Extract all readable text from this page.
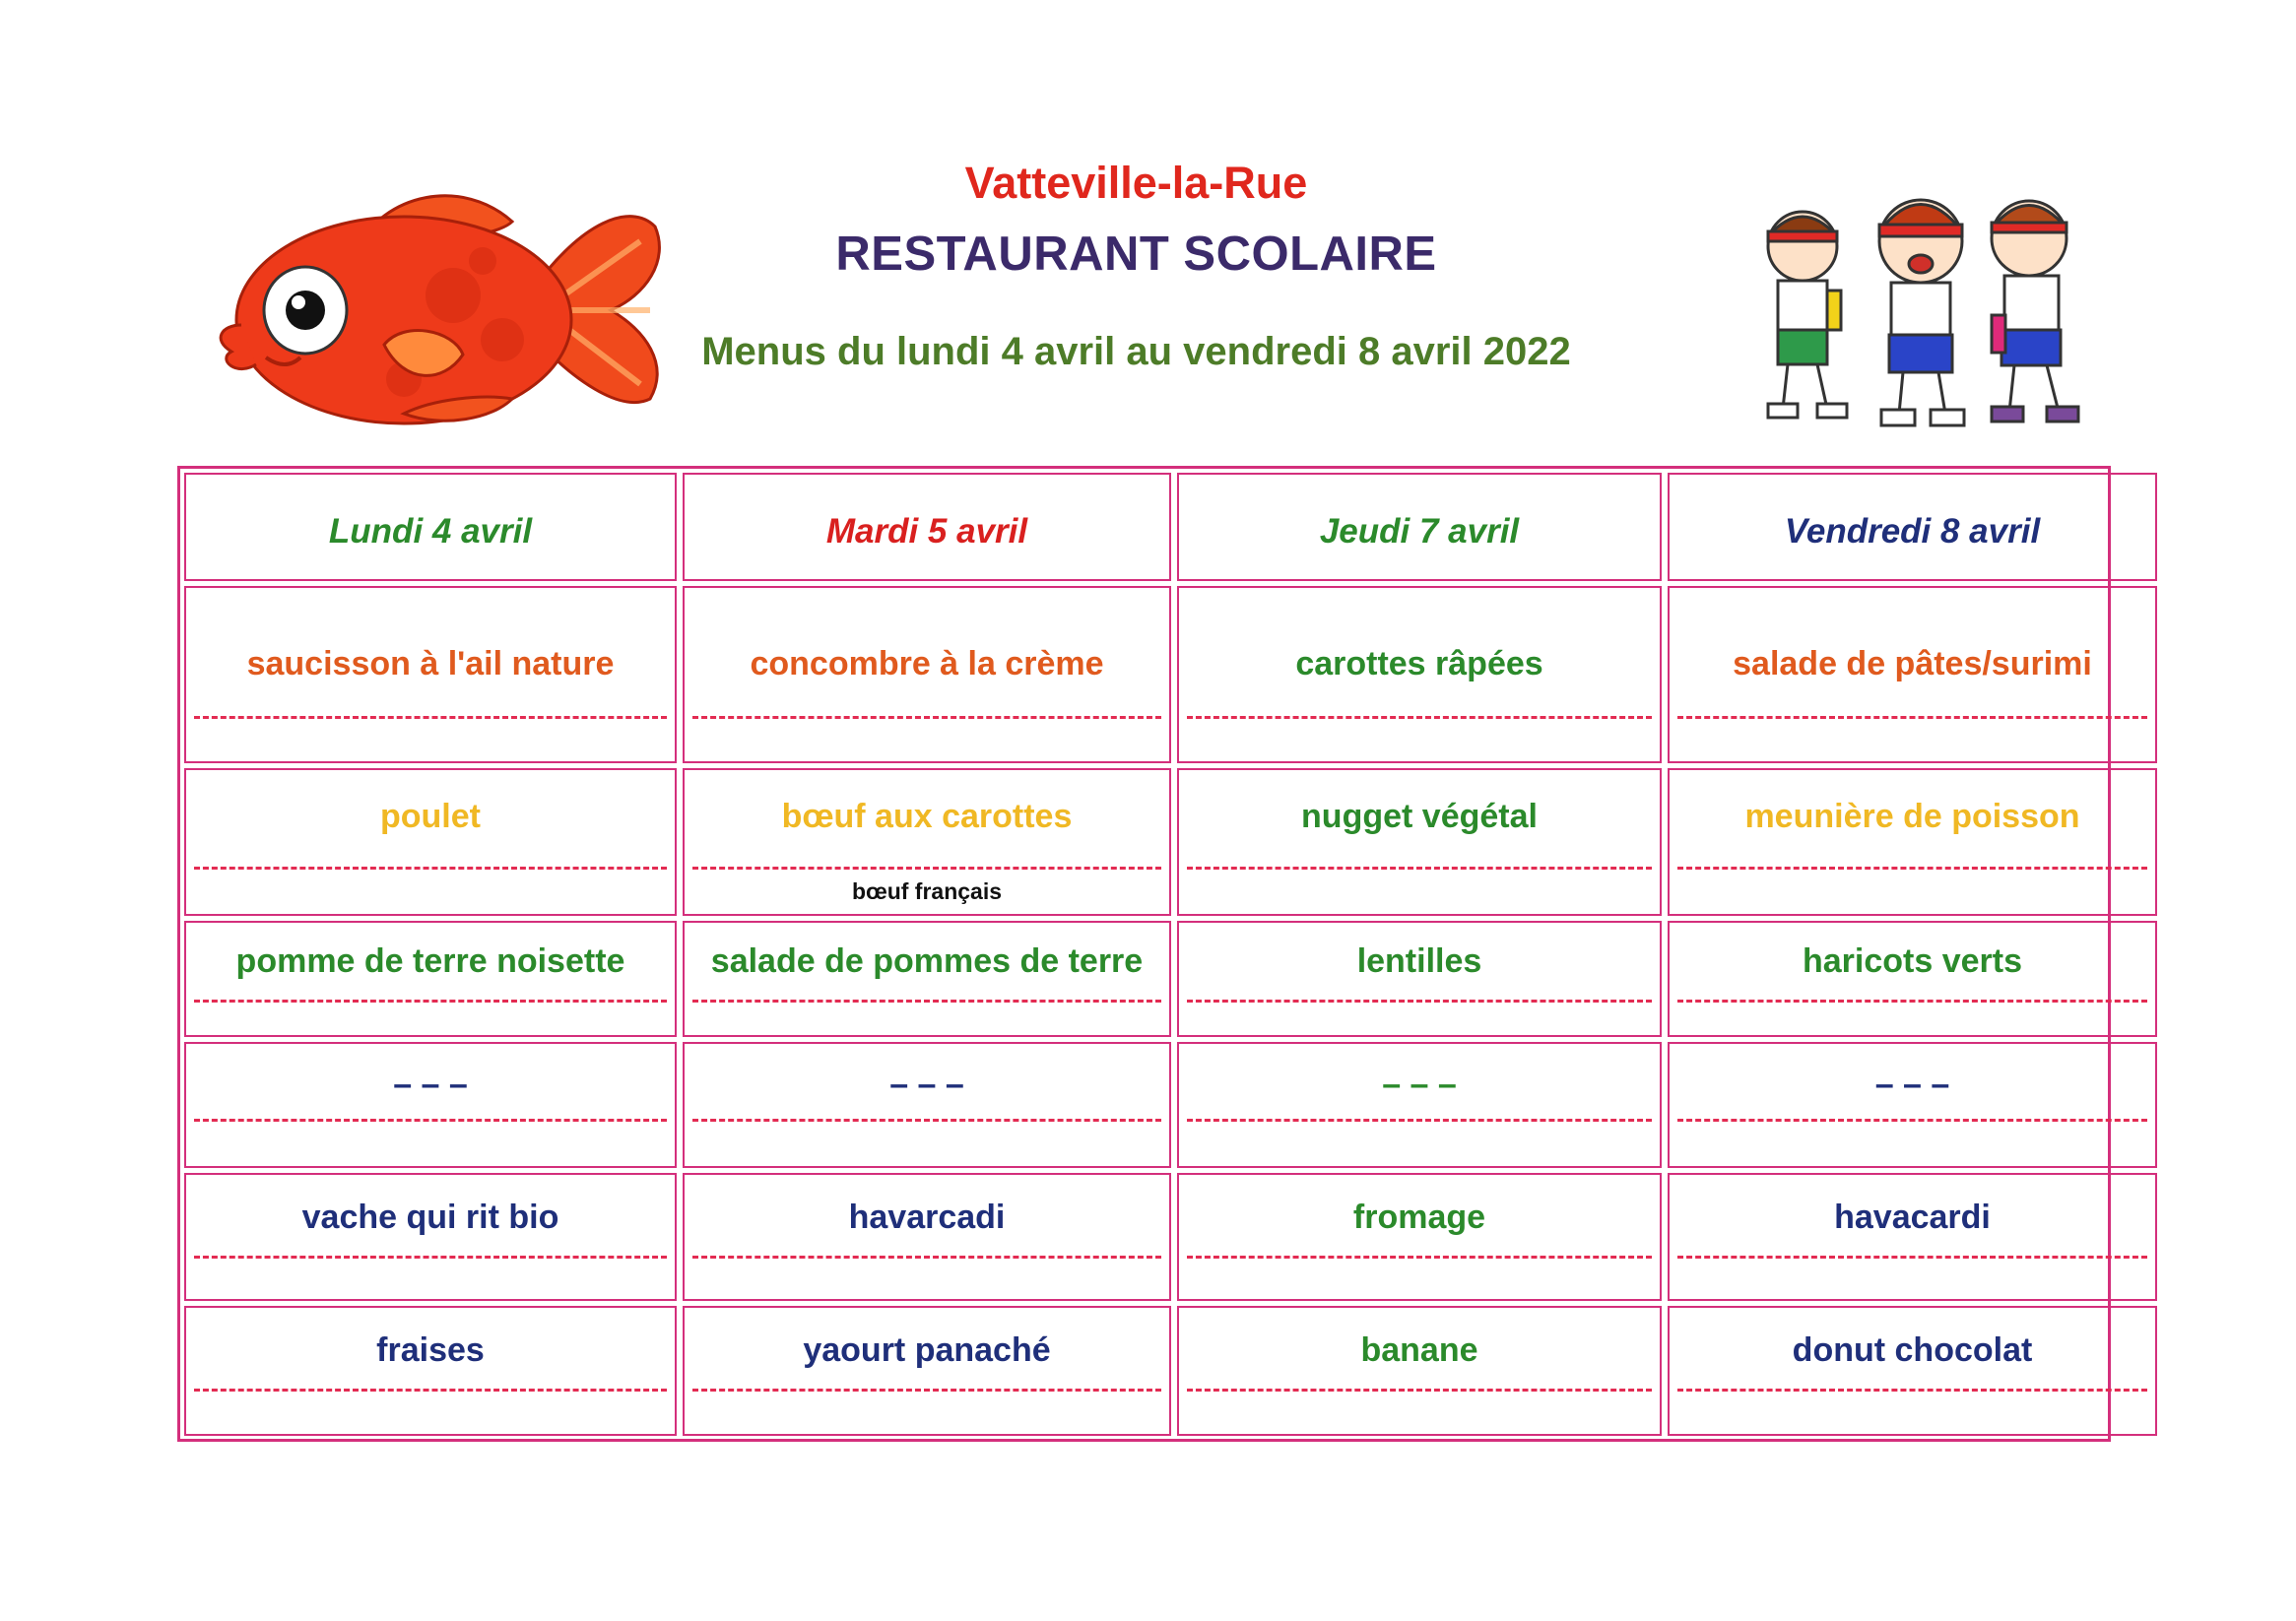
Vatteville-la-Rue
RESTAURANT SCOLAIRE
Menus du lundi 4 avril au vendredi 8 avril 2022
Lundi 4 avril
saucisson à l'ail nature
poulet
pomme de terre noisette
– – –
vache qui rit bio
fraises
Mardi 5 avril
concombre à la crème
bœuf aux carottes
bœuf français
salade de pommes de terre
– – –
havarcadi
yaourt panaché
Jeudi 7 avril
carottes râpées
nugget végétal
lentilles
– – –
fromage
banane
Vendredi 8 avril
salade de pâtes/surimi
meunière de poisson
haricots verts
– – –
havacardi
donut chocolat
